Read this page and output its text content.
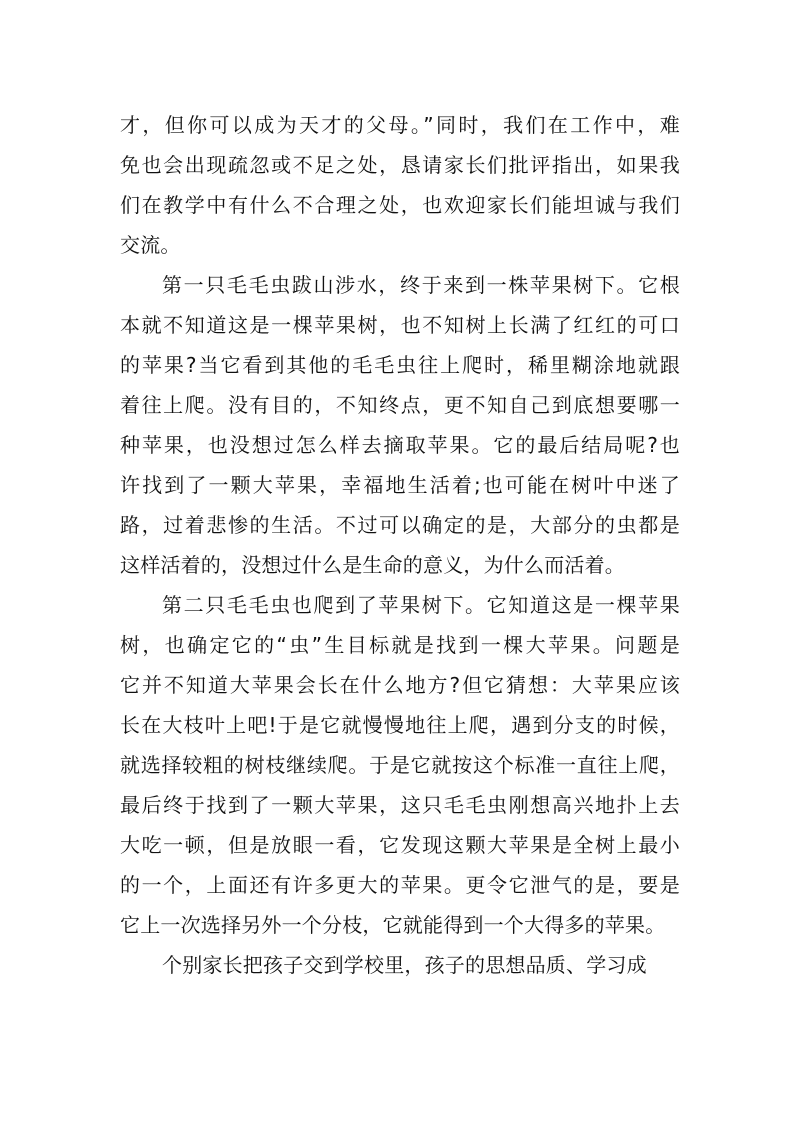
才，但你可以成为天才的父母。”同时，我们在工作中，难
免也会出现疏忽或不足之处，恳请家长们批评指出，如果我
们在教学中有什么不合理之处，也欢迎家长们能坦诚与我们
交流。
第一只毛毛虫跋山涉水，终于来到一株苹果树下。它根
本就不知道这是一棵苹果树，也不知树上长满了红红的可口
的苹果?当它看到其他的毛毛虫往上爬时，稀里糊涂地就跟
着往上爬。没有目的，不知终点，更不知自己到底想要哪一
种苹果，也没想过怎么样去摘取苹果。它的最后结局呢?也
许找到了一颗大苹果，幸福地生活着;也可能在树叶中迷了
路，过着悲惨的生活。不过可以确定的是，大部分的虫都是
这样活着的，没想过什么是生命的意义，为什么而活着。
第二只毛毛虫也爬到了苹果树下。它知道这是一棵苹果
树，也确定它的“虫”生目标就是找到一棵大苹果。问题是
它并不知道大苹果会长在什么地方?但它猜想：大苹果应该
长在大枝叶上吧!于是它就慢慢地往上爬，遇到分支的时候，
就选择较粗的树枝继续爬。于是它就按这个标准一直往上爬，
最后终于找到了一颗大苹果，这只毛毛虫刚想高兴地扑上去
大吃一顿，但是放眼一看，它发现这颗大苹果是全树上最小
的一个，上面还有许多更大的苹果。更令它泄气的是，要是
它上一次选择另外一个分枝，它就能得到一个大得多的苹果。
个别家长把孩子交到学校里，孩子的思想品质、学习成
